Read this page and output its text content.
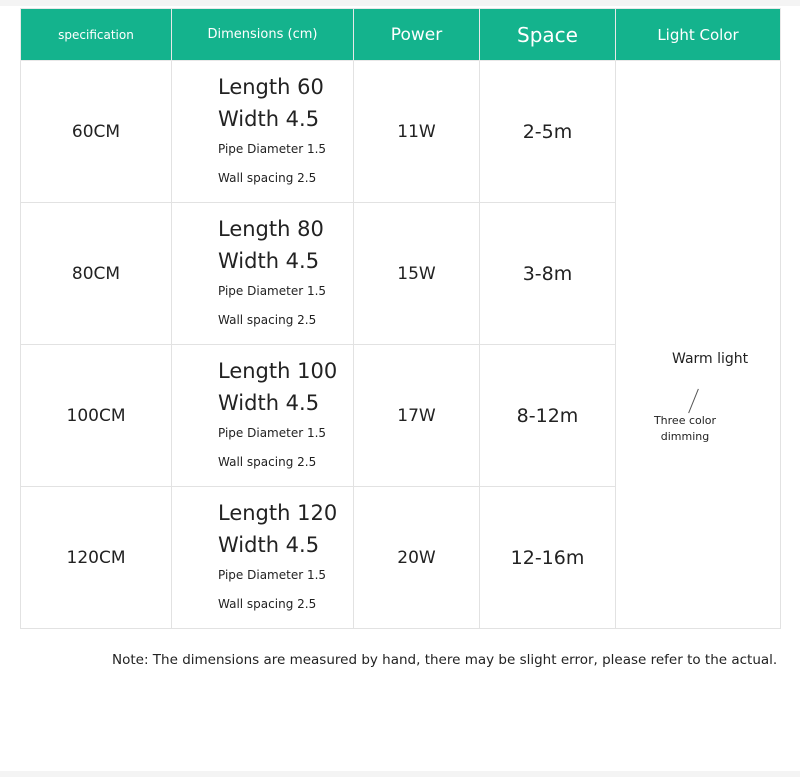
specification	Dimensions (cm)	Power	Space	Light Color
60CM	Length 60
Width 4.5
Pipe Diameter 1.5
Wall spacing 2.5	11W	2-5m	Warm light
Three color dimming

80CM	Length 80
Width 4.5
Pipe Diameter 1.5
Wall spacing 2.5	15W	3-8m	
100CM	Length 100
Width 4.5
Pipe Diameter 1.5
Wall spacing 2.5	17W	8-12m	
120CM	Length 120
Width 4.5
Pipe Diameter 1.5
Wall spacing 2.5	20W	12-16m	
Note: The dimensions are measured by hand, there may be slight error, please refer to the actual.
